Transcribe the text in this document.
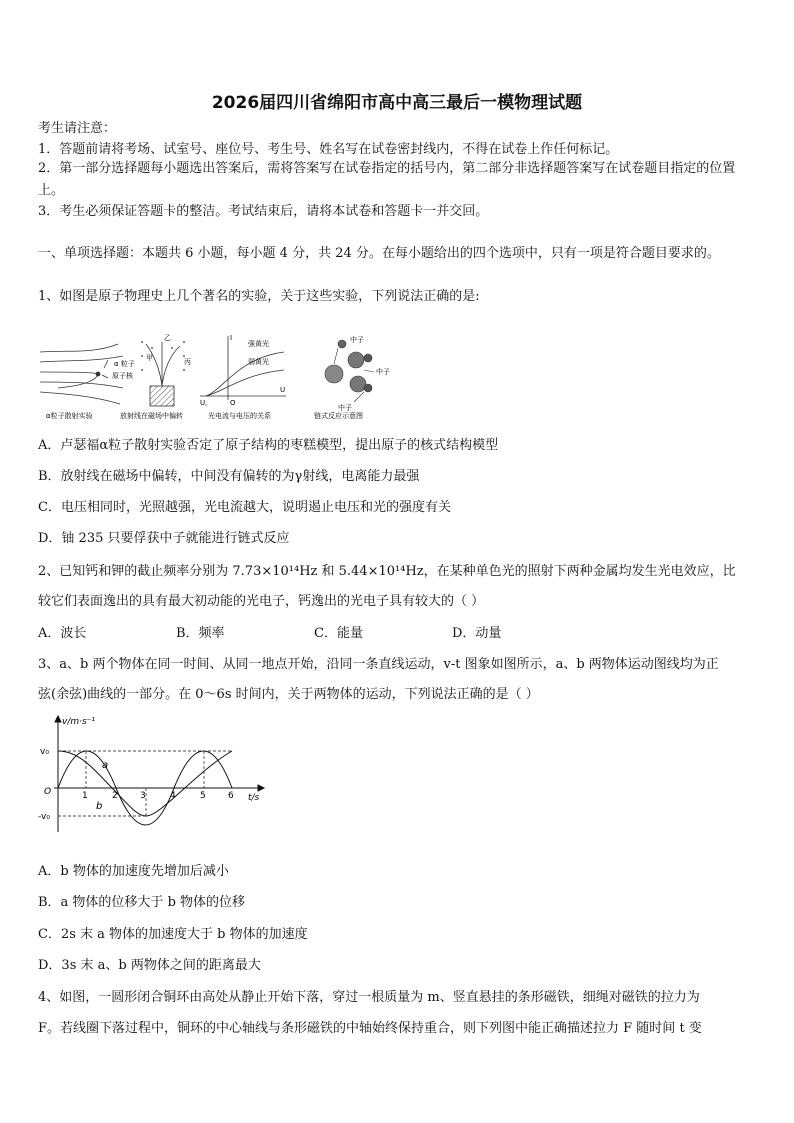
2026届四川省绵阳市高中高三最后一模物理试题
考生请注意：
1．答题前请将考场、试室号、座位号、考生号、姓名写在试卷密封线内，不得在试卷上作任何标记。
2．第一部分选择题每小题选出答案后，需将答案写在试卷指定的括号内，第二部分非选择题答案写在试卷题目指定的位置上。
3．考生必须保证答题卡的整洁。考试结束后，请将本试卷和答题卡一并交回。
一、单项选择题：本题共 6 小题，每小题 4 分，共 24 分。在每小题给出的四个选项中，只有一项是符合题目要求的。
1、如图是原子物理史上几个著名的实验，关于这些实验，下列说法正确的是:
α 粒子
原子核
甲
乙
丙
I
U
O
U꜀
强黄光
弱黄光
中子
中子
中子
α粒子散射实验	放射线在磁场中偏转	光电流与电压的关系	链式反应示意图
A．卢瑟福α粒子散射实验否定了原子结构的枣糕模型，提出原子的核式结构模型
B．放射线在磁场中偏转，中间没有偏转的为γ射线，电离能力最强
C．电压相同时，光照越强，光电流越大，说明遏止电压和光的强度有关
D．铀 235 只要俘获中子就能进行链式反应
2、已知钙和钾的截止频率分别为 7.73×10¹⁴Hz 和 5.44×10¹⁴Hz，在某种单色光的照射下两种金属均发生光电效应，比
较它们表面逸出的具有最大初动能的光电子，钙逸出的光电子具有较大的（ ）
A．波长	B．频率	C．能量	D．动量
3、a、b 两个物体在同一时间、从同一地点开始，沿同一条直线运动，v-t 图象如图所示，a、b 两物体运动图线均为正
弦(余弦)曲线的一部分。在 0～6s 时间内，关于两物体的运动，下列说法正确的是（ ）
v/m·s⁻¹
t/s
v₀
-v₀
O	1	2 3	4	5 6
a
b
A．b 物体的加速度先增加后减小
B．a 物体的位移大于 b 物体的位移
C．2s 末 a 物体的加速度大于 b 物体的加速度
D．3s 末 a、b 两物体之间的距离最大
4、如图，一圆形闭合铜环由高处从静止开始下落，穿过一根质量为 m、竖直悬挂的条形磁铁，细绳对磁铁的拉力为
F。若线圈下落过程中，铜环的中心轴线与条形磁铁的中轴始终保持重合，则下列图中能正确描述拉力 F 随时间 t 变
